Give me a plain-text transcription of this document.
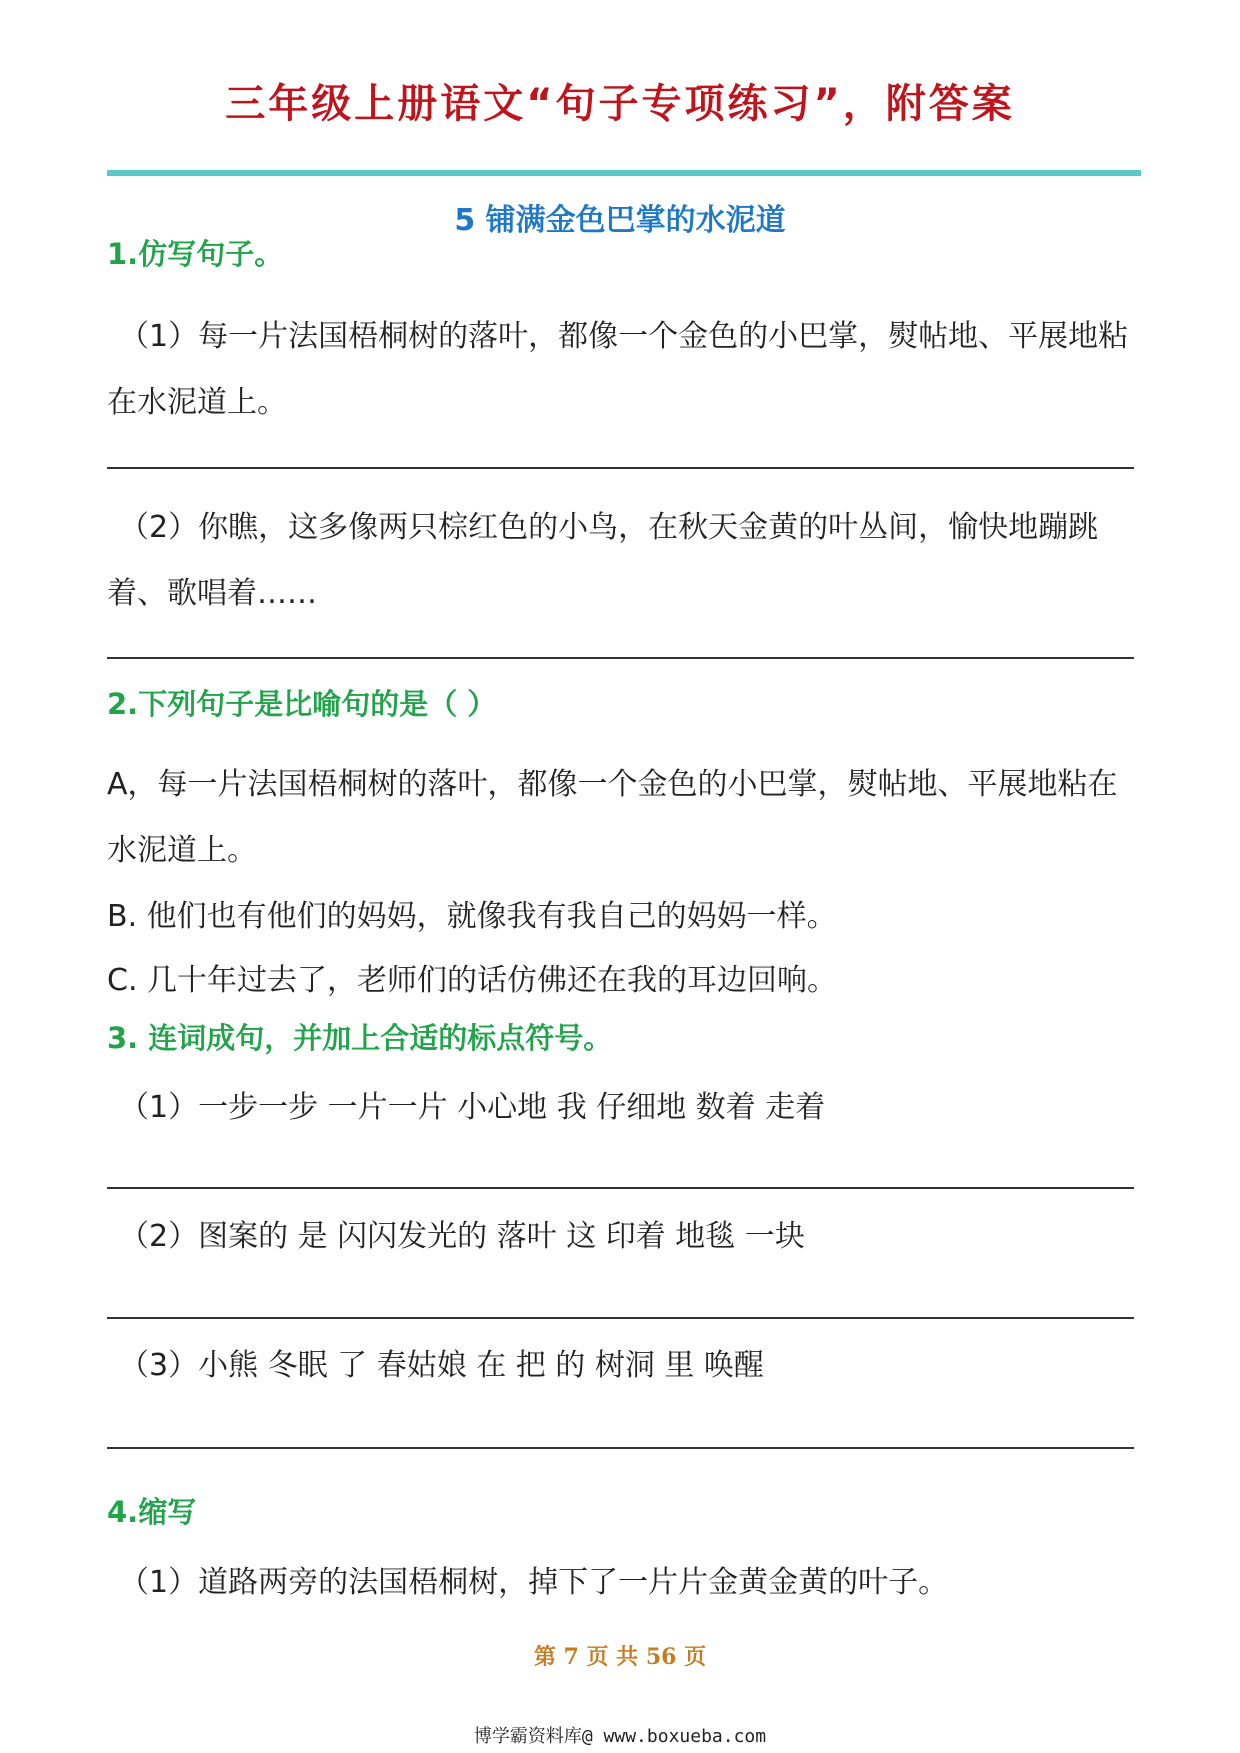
三年级上册语文“句子专项练习”，附答案
5 铺满金色巴掌的水泥道
1.仿写句子。

（1）每一片法国梧桐树的落叶，都像一个金色的小巴掌，熨帖地、平展地粘在水泥道上。

（2）你瞧，这多像两只棕红色的小鸟，在秋天金黄的叶丛间，愉快地蹦跳着、歌唱着……

2.下列句子是比喻句的是（ ）

A，每一片法国梧桐树的落叶，都像一个金色的小巴掌，熨帖地、平展地粘在水泥道上。

B. 他们也有他们的妈妈，就像我有我自己的妈妈一样。

C. 几十年过去了，老师们的话仿佛还在我的耳边回响。

3. 连词成句，并加上合适的标点符号。

（1）一步一步 一片一片 小心地 我 仔细地 数着 走着

（2）图案的 是 闪闪发光的 落叶 这 印着 地毯 一块

（3）小熊 冬眠 了 春姑娘 在 把 的 树洞 里 唤醒

4.缩写

（1）道路两旁的法国梧桐树，掉下了一片片金黄金黄的叶子。

第 7 页 共 56 页

博学霸资料库@ www.boxueba.com
